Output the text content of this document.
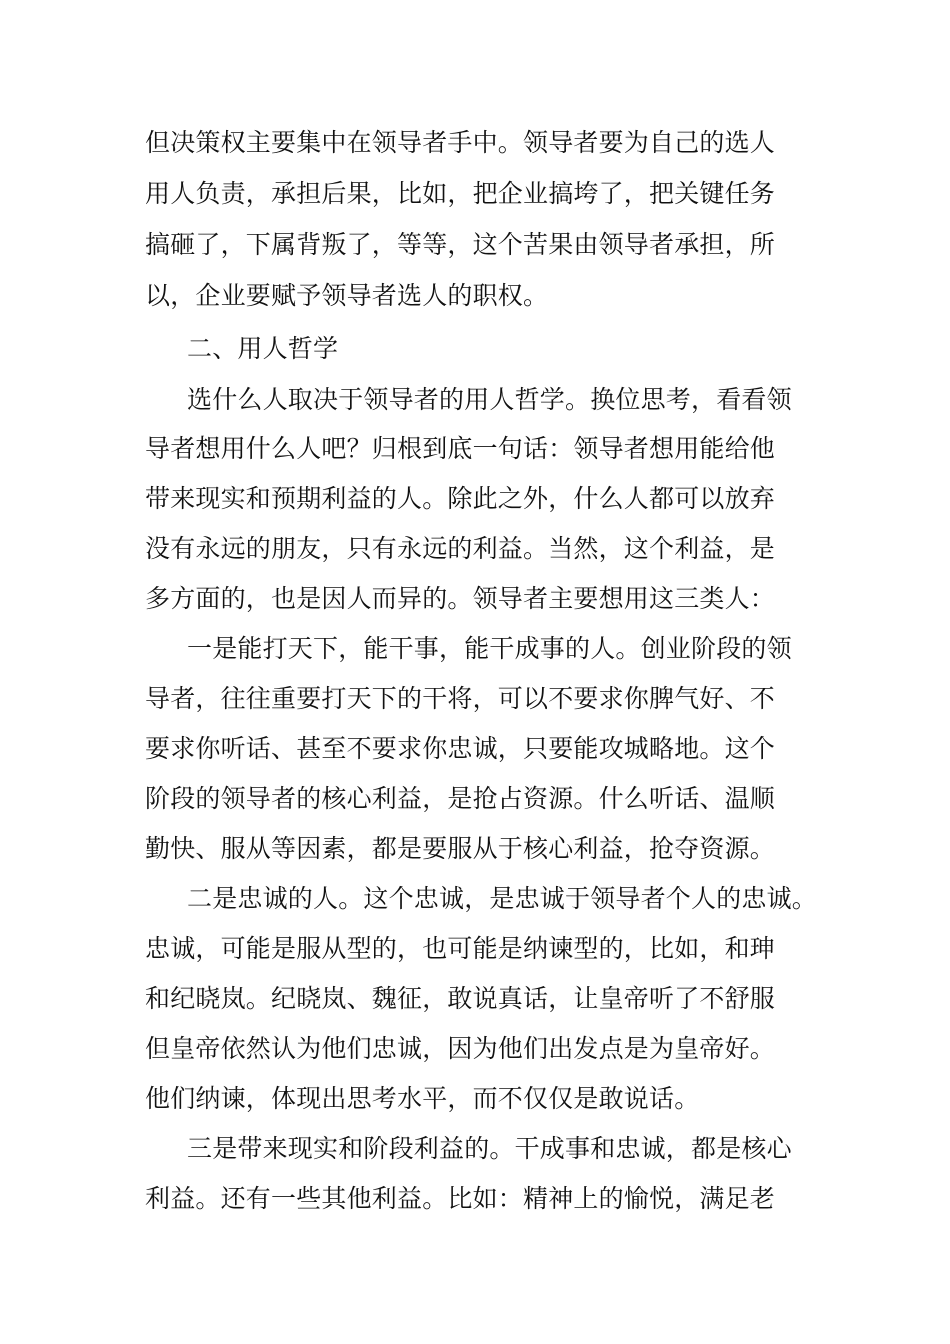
但决策权主要集中在领导者手中。领导者要为自己的选人
用人负责，承担后果，比如，把企业搞垮了，把关键任务
搞砸了，下属背叛了，等等，这个苦果由领导者承担，所
以，企业要赋予领导者选人的职权。
二、用人哲学
选什么人取决于领导者的用人哲学。换位思考，看看领
导者想用什么人吧？归根到底一句话：领导者想用能给他
带来现实和预期利益的人。除此之外，什么人都可以放弃
没有永远的朋友，只有永远的利益。当然，这个利益，是
多方面的，也是因人而异的。领导者主要想用这三类人：
一是能打天下，能干事，能干成事的人。创业阶段的领
导者，往往重要打天下的干将，可以不要求你脾气好、不
要求你听话、甚至不要求你忠诚，只要能攻城略地。这个
阶段的领导者的核心利益，是抢占资源。什么听话、温顺
勤快、服从等因素，都是要服从于核心利益，抢夺资源。
二是忠诚的人。这个忠诚，是忠诚于领导者个人的忠诚。
忠诚，可能是服从型的，也可能是纳谏型的，比如，和珅
和纪晓岚。纪晓岚、魏征，敢说真话，让皇帝听了不舒服
但皇帝依然认为他们忠诚，因为他们出发点是为皇帝好。
他们纳谏，体现出思考水平，而不仅仅是敢说话。
三是带来现实和阶段利益的。干成事和忠诚，都是核心
利益。还有一些其他利益。比如：精神上的愉悦，满足老
